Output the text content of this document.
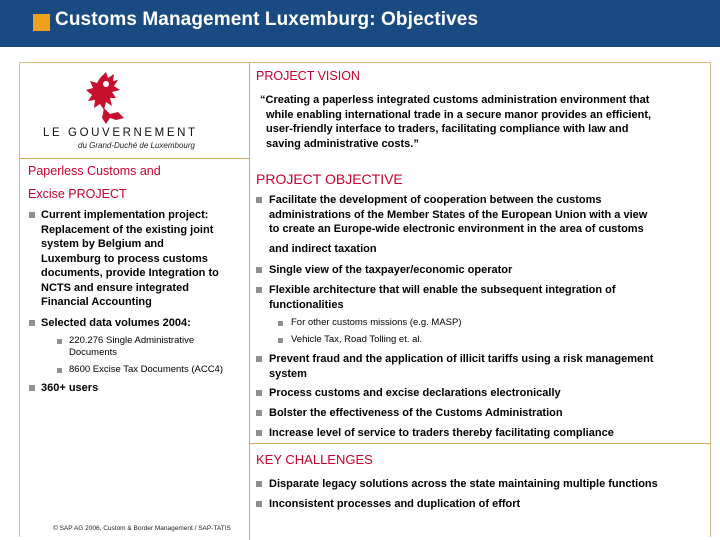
Customs Management Luxemburg: Objectives
LE GOUVERNEMENT
du Grand-Duché de Luxembourg
Paperless Customs and
Excise PROJECT
Current implementation project:
Replacement of the existing joint
system by Belgium and
Luxemburg to process customs
documents, provide Integration to
NCTS and ensure integrated
Financial Accounting
Selected data volumes 2004:
220.276 Single Administrative
Documents
8600 Excise Tax Documents (ACC4)
360+ users
PROJECT VISION
“Creating a paperless integrated customs administration environment that
while enabling international trade in a secure manor provides an efficient,
user-friendly interface to traders, facilitating compliance with law and
saving administrative costs.”
PROJECT OBJECTIVE
Facilitate the development of cooperation between the customs
administrations of the Member States of the European Union with a view
to create an Europe-wide electronic environment in the area of customs
and indirect taxation
Single view of the taxpayer/economic operator
Flexible architecture that will enable the subsequent integration of
functionalities
For other customs missions (e.g. MASP)
Vehicle Tax, Road Tolling et. al.
Prevent fraud and the application of illicit tariffs using a risk management
system
Process customs and excise declarations electronically
Bolster the effectiveness of the Customs Administration
Increase level of service to traders thereby facilitating compliance
KEY CHALLENGES
Disparate legacy solutions across the state maintaining multiple functions
Inconsistent processes and duplication of effort
© SAP AG 2006, Custom & Border Management / SAP-TATIS
